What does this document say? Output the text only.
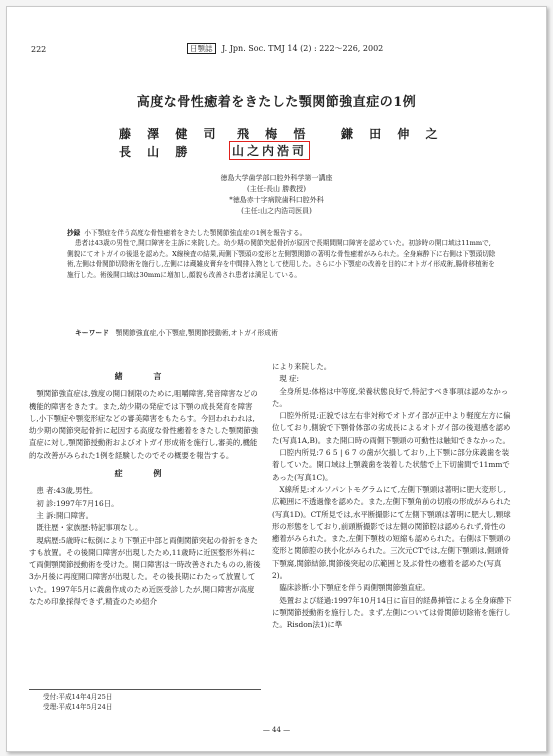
222	日顎誌 J. Jpn. Soc. TMJ 14 (2) : 222〜226, 2002
高度な骨性癒着をきたした顎関節強直症の1例
藤 澤 健 司 飛 梅 悟 鎌 田 伸 之
長 山 勝	山之内浩司
徳島大学歯学部口腔外科学第一講座
(主任:長山 勝教授)
*徳島赤十字病院歯科口腔外科
(主任:山之内浩司医員)

抄録 小下顎症を伴う高度な骨性癒着をきたした顎関節強直症の1例を報告する。

患者は43歳の男性で,開口障害を主訴に来院した。幼少期の関節突起骨折が原因で長期間開口障害を認めていた。初診時の開口域は11mmで,側貌にてオトガイの後退を認めた。X線検査の結果,両側下顎頭の変形と左側顎関節の著明な骨性癒着がみられた。全身麻酔下に右側は下顎頭切除術,左側は骨関節切除術を施行し,左側には蔵雑皮膏弁を中間排入物として使用した。さらに小下顎症の改善を目的にオトガイ形成術,腸骨移植術を施行した。術後開口域は30mmに増加し,顔貌も改善され患者は満足している。

キーワード 顎関節強直症,小下顎症,顎関節授動術,オトガイ形成術
緒 言

顎関節強直症は,強度の開口制限のために,咀嚼障害,発音障害などの機能的障害をきたす。また,幼少期の発症では下顎の成長発育を障害し,小下顎症や顎変形症などの審美障害をもたらす。今回われわれは,幼少期の関節突起骨折に起因する高度な骨性癒着をきたした顎関節強直症に対し,顎関節授動術およびオトガイ形成術を施行し,審美的,機能的な改善がみられた1例を経験したのでその概要を報告する。

症 例

患 者:43歳,男性。

初 診:1997年7月16日。

主 訴:開口障害。

既往歴・家族歴:特記事項なし。

現病歴:5歳時に転倒により下顎正中部と両側関節突起の骨折をきたすも放置。その後開口障害が出現したため,11歳時に近医整形外科にて両側顎関節授動術を受けた。開口障害は一時改善されたものの,術後3か月後に再度開口障害が出現した。その後長期にわたって放置していた。1997年5月に義歯作成のため近医受診したが,開口障害が高度なため印象採得できず,精査のため紹介

により来院した。

現 症:

全身所見:体格は中等度,栄養状態良好で,特記すべき事項は認めなかった。

口腔外所見:正貌では左右非対称でオトガイ部が正中より軽度左方に偏位しており,側貌で下顎骨体部の劣成長によるオトガイ部の後退感を認めた(写真1A,B)。また開口時の両側下顎頭の可動性は触知できなかった。

口腔内所見:7 6 5 | 6 7 の歯が欠損しており,上下顎に部分床義歯を装着していた。開口域は上顎義歯を装着した状態で上下切歯間で11mmであった(写真1C)。

X線所見:オルソパントモグラムにて,左側下顎頭は著明に肥大変形し,広範囲に不透過像を認めた。また,左側下顎角前の切痕の形成がみられた(写真1D)。CT所見では,水平断撮影にて左側下顎頭は著明に肥大し,顆球形の形態をしており,前頭断撮影では左側の関節腔は認められず,骨性の癒着がみられた。また,左側下顎枝の短縮も認められた。右側は下顎頭の変形と関節腔の狭小化がみられた。三次元CTでは,左側下顎頭は,側頭骨下顎窩,関節結節,関節後突起の広範囲と及ぶ骨性の癒着を認めた(写真2)。

臨床診断:小下顎症を伴う両側顎関節強直症。

処置および経過:1997年10月14日に盲目的経鼻挿管による全身麻酔下に顎関節授動術を施行した。まず,左側については骨関節切除術を施行した。Risdon法1)に準

受付:平成14年4月25日
受理:平成14年5月24日
— 44 —
